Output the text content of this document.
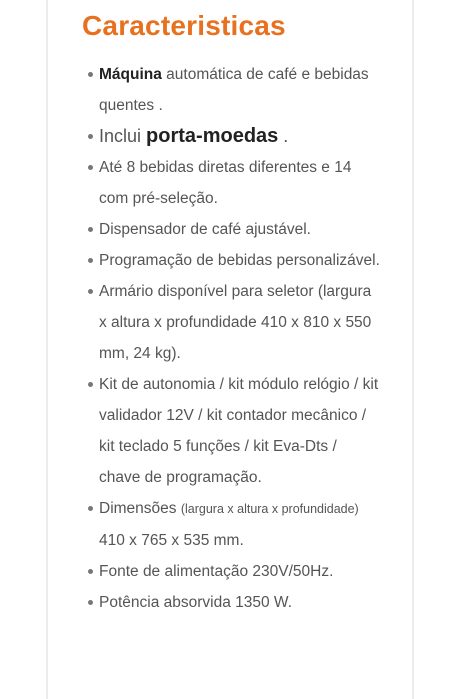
Caracteristicas
Máquina automática de café e bebidas quentes .
Inclui porta-moedas .
Até 8 bebidas diretas diferentes e 14 com pré-seleção.
Dispensador de café ajustável.
Programação de bebidas personalizável.
Armário disponível para seletor (largura x altura x profundidade 410 x 810 x 550 mm, 24 kg).
Kit de autonomia / kit módulo relógio / kit validador 12V / kit contador mecânico / kit teclado 5 funções / kit Eva-Dts / chave de programação.
Dimensões (largura x altura x profundidade) 410 x 765 x 535 mm.
Fonte de alimentação 230V/50Hz.
Potência absorvida 1350 W.
